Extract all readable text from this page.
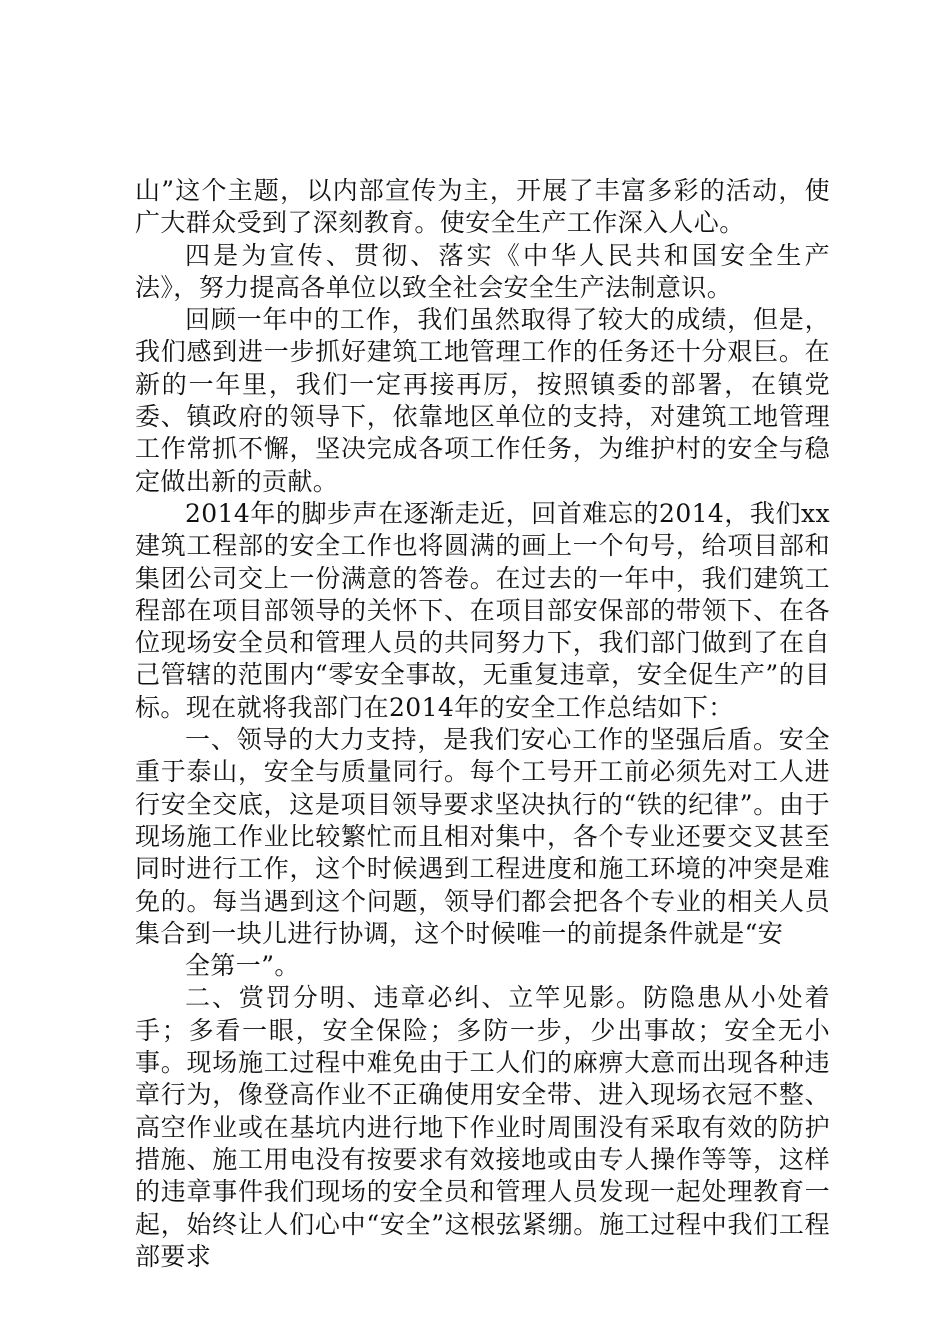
山”这个主题，以内部宣传为主，开展了丰富多彩的活动，使广大群众受到了深刻教育。使安全生产工作深入人心。

四是为宣传、贯彻、落实《中华人民共和国安全生产法》，努力提高各单位以致全社会安全生产法制意识。

回顾一年中的工作，我们虽然取得了较大的成绩，但是，我们感到进一步抓好建筑工地管理工作的任务还十分艰巨。在新的一年里，我们一定再接再厉，按照镇委的部署，在镇党委、镇政府的领导下，依靠地区单位的支持，对建筑工地管理工作常抓不懈，坚决完成各项工作任务，为维护村的安全与稳定做出新的贡献。

2014年的脚步声在逐渐走近，回首难忘的2014，我们xx建筑工程部的安全工作也将圆满的画上一个句号，给项目部和集团公司交上一份满意的答卷。在过去的一年中，我们建筑工程部在项目部领导的关怀下、在项目部安保部的带领下、在各位现场安全员和管理人员的共同努力下，我们部门做到了在自己管辖的范围内“零安全事故，无重复违章，安全促生产”的目标。现在就将我部门在2014年的安全工作总结如下：

一、领导的大力支持，是我们安心工作的坚强后盾。安全重于泰山，安全与质量同行。每个工号开工前必须先对工人进行安全交底，这是项目领导要求坚决执行的“铁的纪律”。由于现场施工作业比较繁忙而且相对集中，各个专业还要交叉甚至同时进行工作，这个时候遇到工程进度和施工环境的冲突是难免的。每当遇到这个问题，领导们都会把各个专业的相关人员集合到一块儿进行协调，这个时候唯一的前提条件就是“安

全第一”。

二、赏罚分明、违章必纠、立竿见影。防隐患从小处着手；多看一眼，安全保险；多防一步，少出事故；安全无小事。现场施工过程中难免由于工人们的麻痹大意而出现各种违章行为，像登高作业不正确使用安全带、进入现场衣冠不整、高空作业或在基坑内进行地下作业时周围没有采取有效的防护措施、施工用电没有按要求有效接地或由专人操作等等，这样的违章事件我们现场的安全员和管理人员发现一起处理教育一起，始终让人们心中“安全”这根弦紧绷。施工过程中我们工程部要求
